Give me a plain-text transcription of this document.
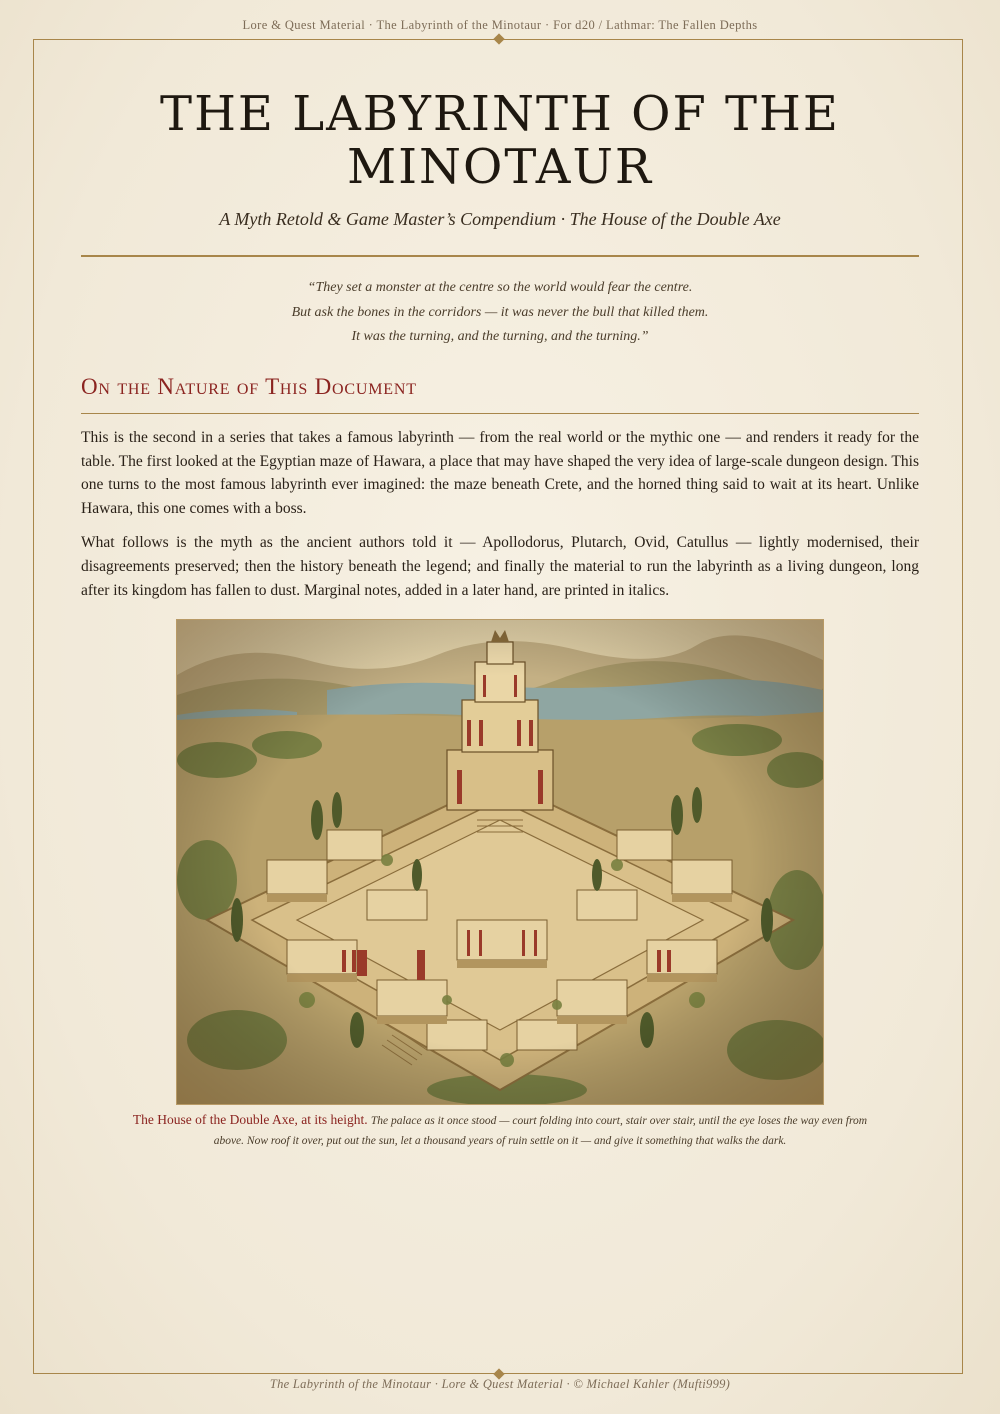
Lore & Quest Material · The Labyrinth of the Minotaur · For d20 / Lathmar: The Fallen Depths
THE LABYRINTH OF THE MINOTAUR
A Myth Retold & Game Master’s Compendium · The House of the Double Axe
“They set a monster at the centre so the world would fear the centre.
But ask the bones in the corridors — it was never the bull that killed them.
It was the turning, and the turning, and the turning.”
On the Nature of This Document

This is the second in a series that takes a famous labyrinth — from the real world or the mythic one — and renders it ready for the table. The first looked at the Egyptian maze of Hawara, a place that may have shaped the very idea of large-scale dungeon design. This one turns to the most famous labyrinth ever imagined: the maze beneath Crete, and the horned thing said to wait at its heart. Unlike Hawara, this one comes with a boss.

What follows is the myth as the ancient authors told it — Apollodorus, Plutarch, Ovid, Catullus — lightly modernised, their disagreements preserved; then the history beneath the legend; and finally the material to run the labyrinth as a living dungeon, long after its kingdom has fallen to dust. Marginal notes, added in a later hand, are printed in italics.

The House of the Double Axe, at its height. The palace as it once stood — court folding into court, stair over stair, until the eye loses the way even from above. Now roof it over, put out the sun, let a thousand years of ruin settle on it — and give it something that walks the dark.
The Labyrinth of the Minotaur · Lore & Quest Material · © Michael Kahler (Mufti999)
